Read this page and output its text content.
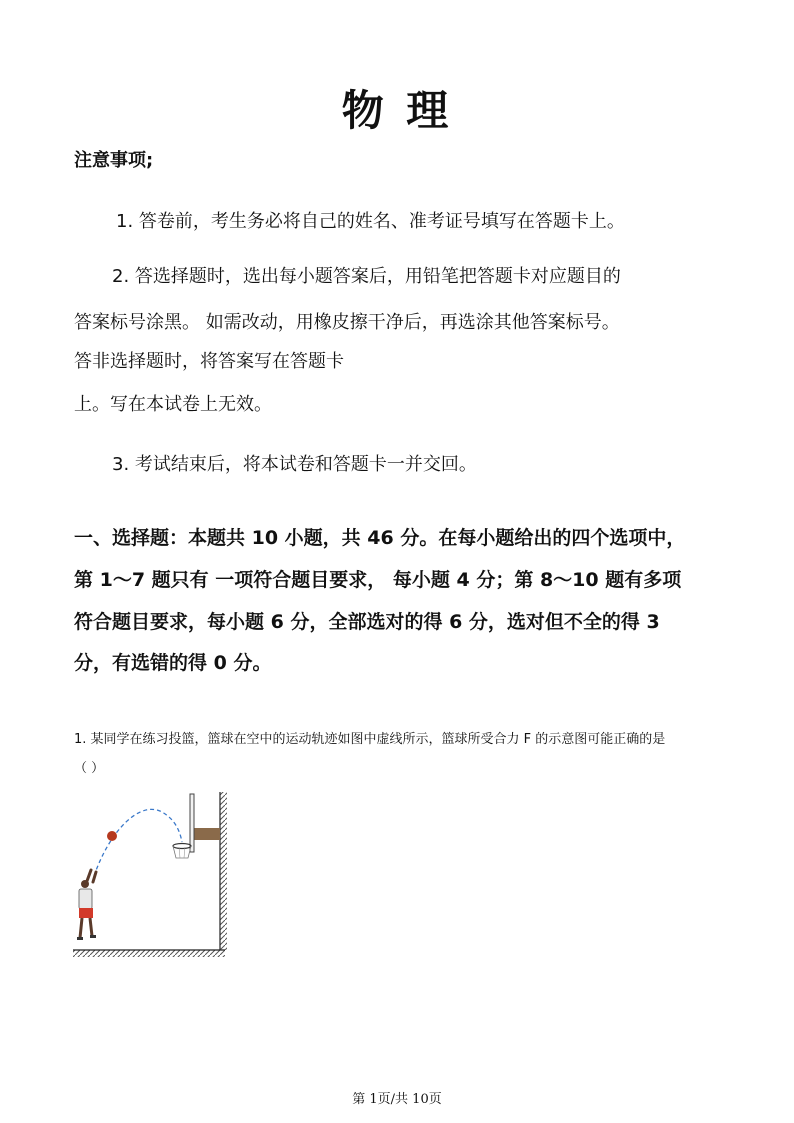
物 理
注意事项;
1. 答卷前，考生务必将自己的姓名、准考证号填写在答题卡上。
2. 答选择题时，选出每小题答案后，用铅笔把答题卡对应题目的
答案标号涂黑。 如需改动，用橡皮擦干净后，再选涂其他答案标号。
答非选择题时，将答案写在答题卡
上。写在本试卷上无效。
3. 考试结束后，将本试卷和答题卡一并交回。
一、选择题：本题共 10 小题，共 46 分。在每小题给出的四个选项中，
第 1～7 题只有 一项符合题目要求， 每小题 4 分；第 8～10 题有多项
符合题目要求，每小题 6 分，全部选对的得 6 分，选对但不全的得 3
分，有选错的得 0 分。
1. 某同学在练习投篮，篮球在空中的运动轨迹如图中虚线所示，篮球所受合力 F 的示意图可能正确的是
（ ）
第 1页/共 10页
